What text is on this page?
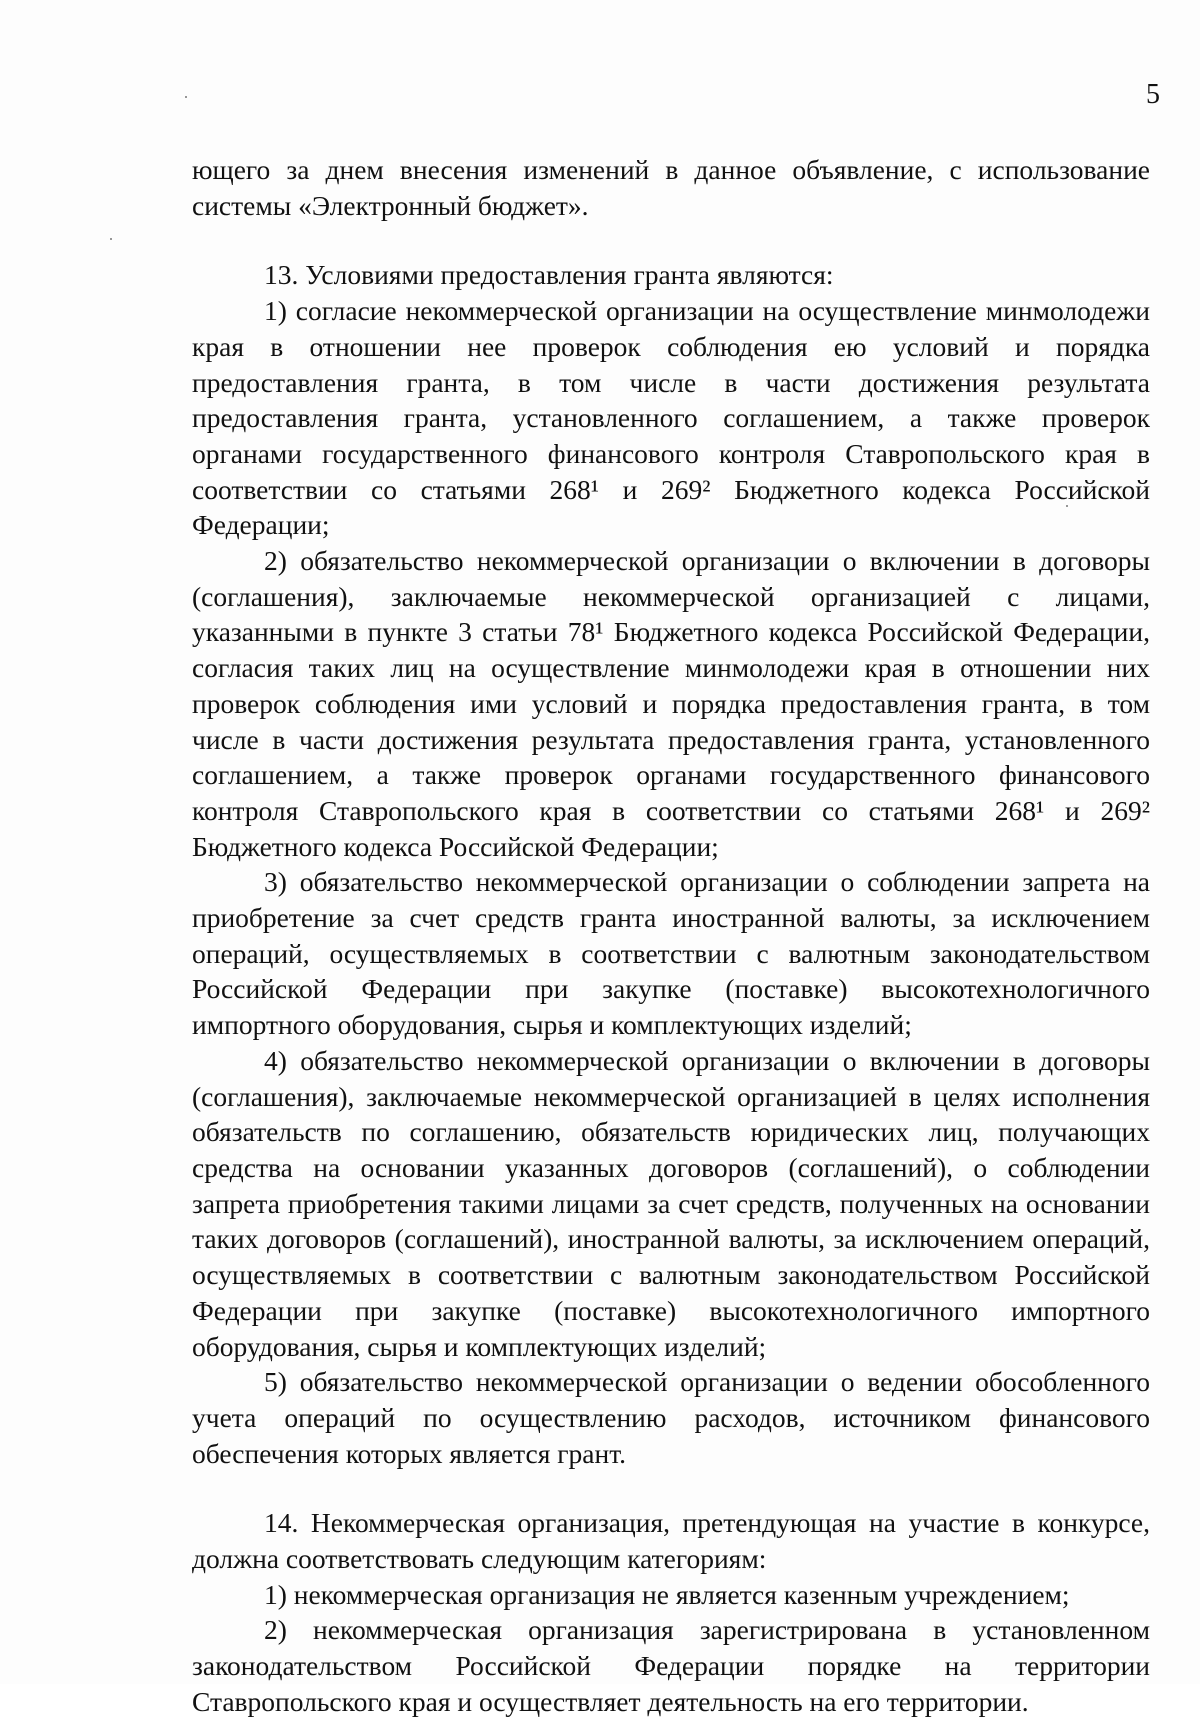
5

ющего за днем внесения изменений в данное объявление, с использование системы «Электронный бюджет».

13. Условиями предоставления гранта являются:

1) согласие некоммерческой организации на осуществление минмолодежи края в отношении нее проверок соблюдения ею условий и порядка предоставления гранта, в том числе в части достижения результата предоставления гранта, установленного соглашением, а также проверок органами государственного финансового контроля Ставропольского края в соответствии со статьями 268¹ и 269² Бюджетного кодекса Российской Федерации;

2) обязательство некоммерческой организации о включении в договоры (соглашения), заключаемые некоммерческой организацией с лицами, указанными в пункте 3 статьи 78¹ Бюджетного кодекса Российской Федерации, согласия таких лиц на осуществление минмолодежи края в отношении них проверок соблюдения ими условий и порядка предоставления гранта, в том числе в части достижения результата предоставления гранта, установленного соглашением, а также проверок органами государственного финансового контроля Ставропольского края в соответствии со статьями 268¹ и 269² Бюджетного кодекса Российской Федерации;

3) обязательство некоммерческой организации о соблюдении запрета на приобретение за счет средств гранта иностранной валюты, за исключением операций, осуществляемых в соответствии с валютным законодательством Российской Федерации при закупке (поставке) высокотехнологичного импортного оборудования, сырья и комплектующих изделий;

4) обязательство некоммерческой организации о включении в договоры (соглашения), заключаемые некоммерческой организацией в целях исполнения обязательств по соглашению, обязательств юридических лиц, получающих средства на основании указанных договоров (соглашений), о соблюдении запрета приобретения такими лицами за счет средств, полученных на основании таких договоров (соглашений), иностранной валюты, за исключением операций, осуществляемых в соответствии с валютным законодательством Российской Федерации при закупке (поставке) высокотехнологичного импортного оборудования, сырья и комплектующих изделий;

5) обязательство некоммерческой организации о ведении обособленного учета операций по осуществлению расходов, источником финансового обеспечения которых является грант.

14. Некоммерческая организация, претендующая на участие в конкурсе, должна соответствовать следующим категориям:

1) некоммерческая организация не является казенным учреждением;

2) некоммерческая организация зарегистрирована в установленном законодательством Российской Федерации порядке на территории Ставропольского края и осуществляет деятельность на его территории.
